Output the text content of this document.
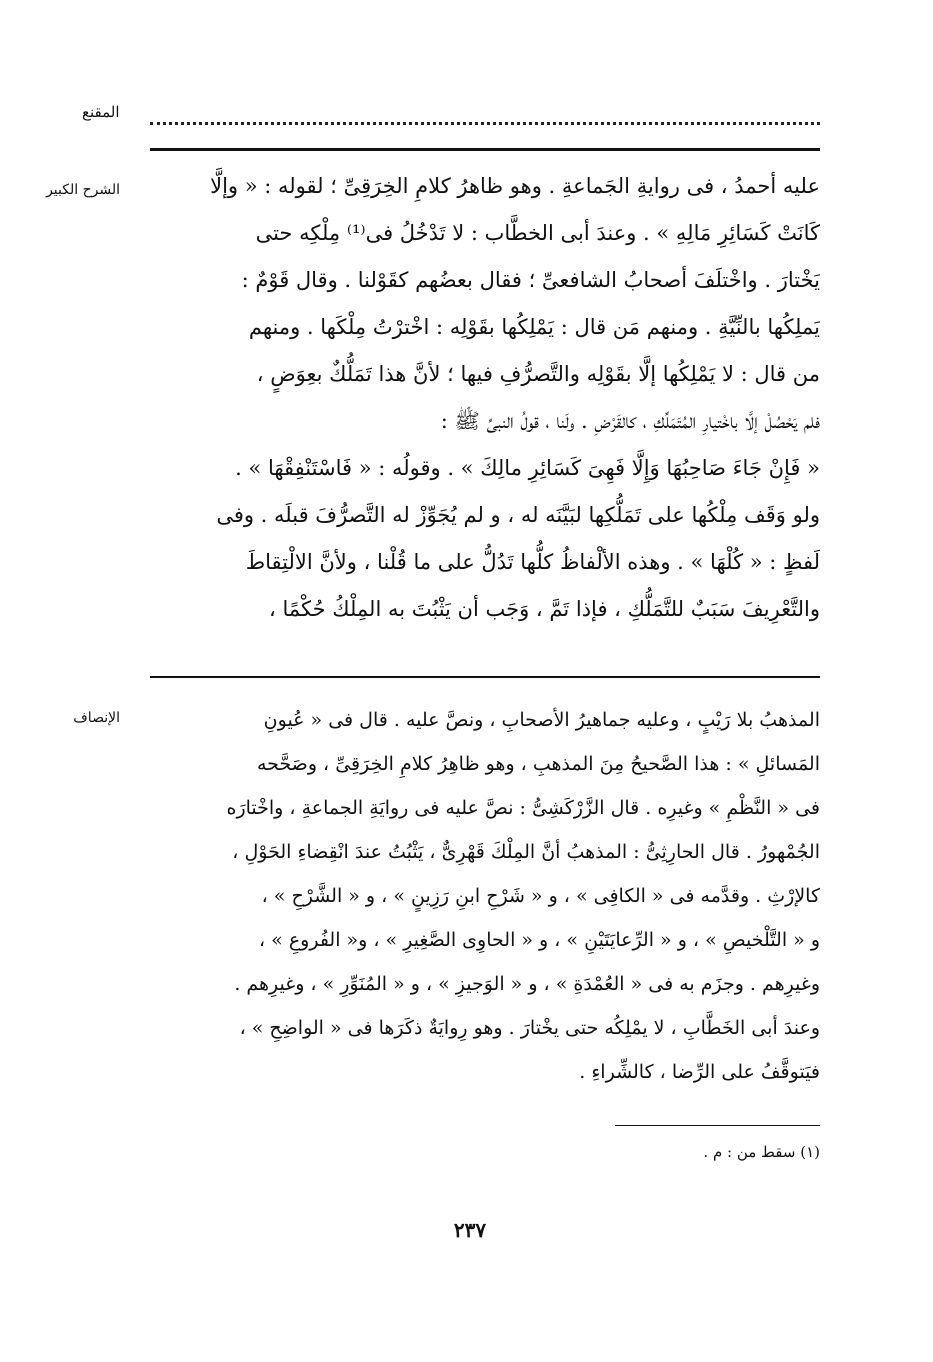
المقنع
الشرح الكبير	عليه أحمدُ ، فى روايةِ الجَماعةِ . وهو ظاهرُ كلامِ الخِرَقِىِّ ؛ لقوله : « وإلَّا
كَانَتْ كَسَائِرِ مَالِهِ » . وعندَ أبى الخطَّاب : لا تَدْخُلُ فى⁽¹⁾ مِلْكِه حتى
يَخْتارَ . واخْتلَفَ أصحابُ الشافعىِّ ؛ فقال بعضُهم كقَوْلنا . وقال قَوْمٌ :
يَملِكُها بالنِّيَّةِ . ومنهم مَن قال : يَمْلِكُها بقَوْلِه : اخْترْتُ مِلْكَها . ومنهم
من قال : لا يَمْلِكُها إلَّا بقَوْلِه والتَّصرُّفِ فيها ؛ لأنَّ هذا تَمَلُّكٌ بعِوَضٍ ،
فلم يَحْصُلْ إلَّا باخْتيارِ المُتَمَلِّكِ ، كالقَرْضِ . ولَنا ، قولُ النبىِّ ﷺ :
« فَإِنْ جَاءَ صَاحِبُهَا وَإِلَّا فَهِىَ كَسَائِرِ مالِكَ » . وقولُه : « فَاسْتَنْفِقْهَا » .
ولو وَقَف مِلْكُها على تَمَلُّكِها لبَيَّنَه له ، و لم يُجَوِّزْ له التَّصرُّفَ قبلَه . وفى
لَفظٍ : « كُلْهَا » . وهذه الألْفاظُ كلُّها تَدُلُّ على ما قُلْنا ، ولأنَّ الالْتِقاطَ
والتَّعْرِيفَ سَبَبٌ للتَّمَلُّكِ ، فإذا تَمَّ ، وَجَب أن يَثْبُتَ به المِلْكُ حُكْمًا ،
الإنصاف	المذهبُ بلا رَيْبٍ ، وعليه جماهيرُ الأصحابِ ، ونصَّ عليه . قال فى « عُيونِ
المَسائلِ » : هذا الصَّحيحُ مِنَ المذهبِ ، وهو ظاهِرُ كلامِ الخِرَقِىِّ ، وصَحَّحه
فى « النَّظْمِ » وغيرِه . قال الزَّرْكَشِىُّ : نصَّ عليه فى روايَةِ الجماعةِ ، واخْتارَه
الجُمْهورُ . قال الحارِثِىُّ : المذهبُ أنَّ المِلْكَ قَهْرِىٌّ ، يَثْبُتُ عندَ انْقِضاءِ الحَوْلِ ،
كالإرْثِ . وقدَّمه فى « الكافِى » ، و « شَرْحِ ابنِ رَزِينٍ » ، و « الشَّرْحِ » ،
و « التَّلْخيصِ » ، و « الرِّعايَتَيْنِ » ، و « الحاوِى الصَّغِيرِ » ، و« الفُروعِ » ،
وغيرِهم . وجزَم به فى « العُمْدَةِ » ، و « الوَجيزِ » ، و « المُنَوِّرِ » ، وغيرِهم .
وعندَ أبى الخَطَّابِ ، لا يمْلِكُه حتى يخْتارَ . وهو رِوايَةٌ ذكَرَها فى « الواضِحِ » ،
فيَتوقَّفُ على الرِّضا ، كالشِّراءِ .
(١) سقط من : م .
٢٣٧
